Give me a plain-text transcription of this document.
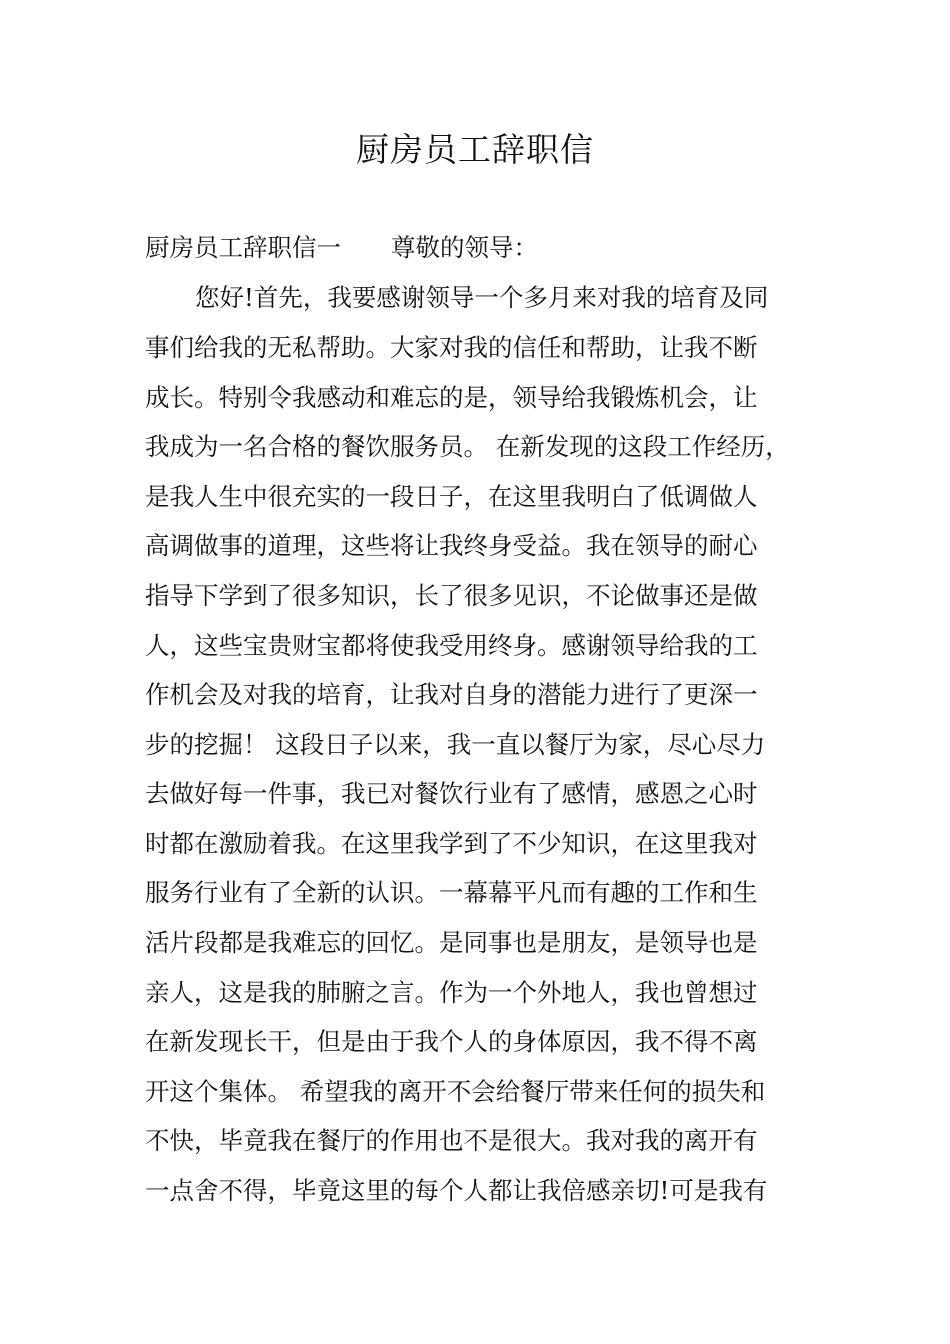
厨房员工辞职信
厨房员工辞职信一 尊敬的领导：
您好!首先，我要感谢领导一个多月来对我的培育及同
事们给我的无私帮助。大家对我的信任和帮助，让我不断
成长。特别令我感动和难忘的是，领导给我锻炼机会，让
我成为一名合格的餐饮服务员。 在新发现的这段工作经历，
是我人生中很充实的一段日子，在这里我明白了低调做人
高调做事的道理，这些将让我终身受益。我在领导的耐心
指导下学到了很多知识，长了很多见识，不论做事还是做
人，这些宝贵财宝都将使我受用终身。感谢领导给我的工
作机会及对我的培育，让我对自身的潜能力进行了更深一
步的挖掘！ 这段日子以来，我一直以餐厅为家，尽心尽力
去做好每一件事，我已对餐饮行业有了感情，感恩之心时
时都在激励着我。在这里我学到了不少知识，在这里我对
服务行业有了全新的认识。一幕幕平凡而有趣的工作和生
活片段都是我难忘的回忆。是同事也是朋友，是领导也是
亲人，这是我的肺腑之言。作为一个外地人，我也曾想过
在新发现长干，但是由于我个人的身体原因，我不得不离
开这个集体。 希望我的离开不会给餐厅带来任何的损失和
不快，毕竟我在餐厅的作用也不是很大。我对我的离开有
一点舍不得，毕竟这里的每个人都让我倍感亲切!可是我有
